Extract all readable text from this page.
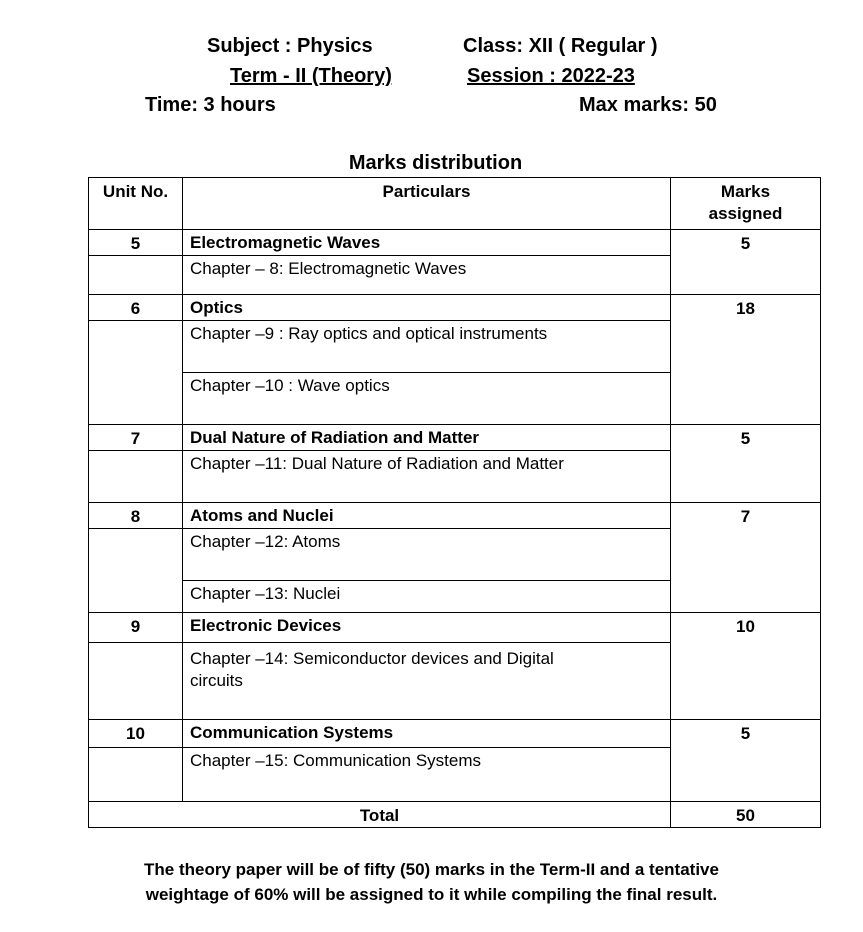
Subject : Physics	Class: XII ( Regular )
Term - II (Theory)	Session : 2022-23
Time: 3 hours	Max marks: 50
Marks distribution
Unit No.	Particulars	Marks
assigned
5	Electromagnetic Waves	5
	Chapter – 8: Electromagnetic Waves	
6	Optics	18
	Chapter –9 : Ray optics and optical instruments	
	Chapter –10 : Wave optics	
7	Dual Nature of Radiation and Matter	5
	Chapter –11: Dual Nature of Radiation and Matter	
8	Atoms and Nuclei	7
	Chapter –12: Atoms	
	Chapter –13: Nuclei	
9	Electronic Devices	10
	Chapter –14: Semiconductor devices and Digital
circuits	
10	Communication Systems	5
	Chapter –15: Communication Systems	
Total		50
The theory paper will be of fifty (50) marks in the Term-II and a tentative
weightage of 60% will be assigned to it while compiling the final result.
